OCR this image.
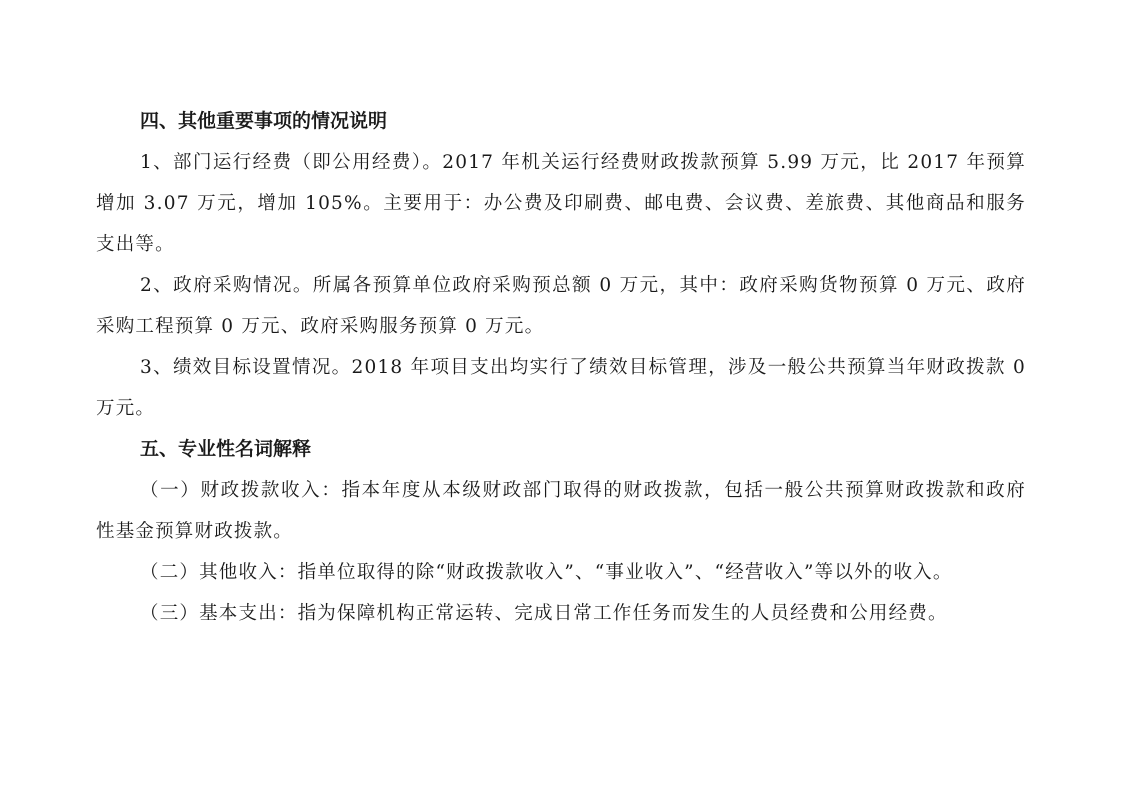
四、其他重要事项的情况说明

1、部门运行经费（即公用经费）。2017 年机关运行经费财政拨款预算 5.99 万元，比 2017 年预算增加 3.07 万元，增加 105%。主要用于：办公费及印刷费、邮电费、会议费、差旅费、其他商品和服务支出等。

2、政府采购情况。所属各预算单位政府采购预总额 0 万元，其中：政府采购货物预算 0 万元、政府采购工程预算 0 万元、政府采购服务预算 0 万元。

3、绩效目标设置情况。2018 年项目支出均实行了绩效目标管理，涉及一般公共预算当年财政拨款 0 万元。

五、专业性名词解释

（一）财政拨款收入：指本年度从本级财政部门取得的财政拨款，包括一般公共预算财政拨款和政府性基金预算财政拨款。

（二）其他收入：指单位取得的除“财政拨款收入”、“事业收入”、“经营收入”等以外的收入。

（三）基本支出：指为保障机构正常运转、完成日常工作任务而发生的人员经费和公用经费。
